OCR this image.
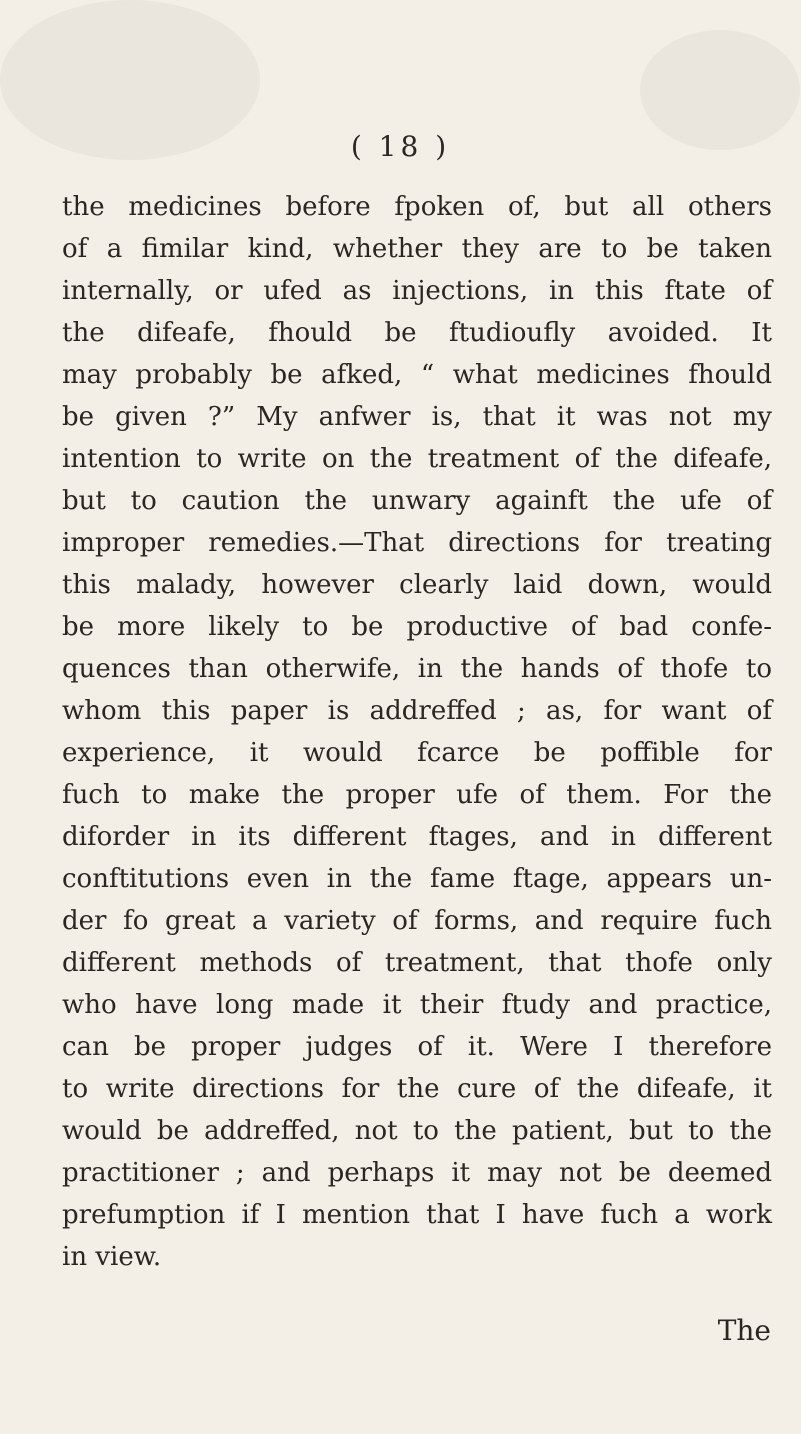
( 18 )
the medicines before fpoken of, but all others
of a fimilar kind, whether they are to be taken
internally, or ufed as injections, in this ftate of
the difeafe, fhould be ftudioufly avoided. It
may probably be afked, “ what medicines fhould
be given ?” My anfwer is, that it was not my
intention to write on the treatment of the difeafe,
but to caution the unwary againft the ufe of
improper remedies.—That directions for treating
this malady, however clearly laid down, would
be more likely to be productive of bad confe-
quences than otherwife, in the hands of thofe to
whom this paper is addreffed ; as, for want of
experience, it would fcarce be poffible for
fuch to make the proper ufe of them. For the
diforder in its different ftages, and in different
conftitutions even in the fame ftage, appears un-
der fo great a variety of forms, and require fuch
different methods of treatment, that thofe only
who have long made it their ftudy and practice,
can be proper judges of it. Were I therefore
to write directions for the cure of the difeafe, it
would be addreffed, not to the patient, but to the
practitioner ; and perhaps it may not be deemed
prefumption if I mention that I have fuch a work
in view.
The
